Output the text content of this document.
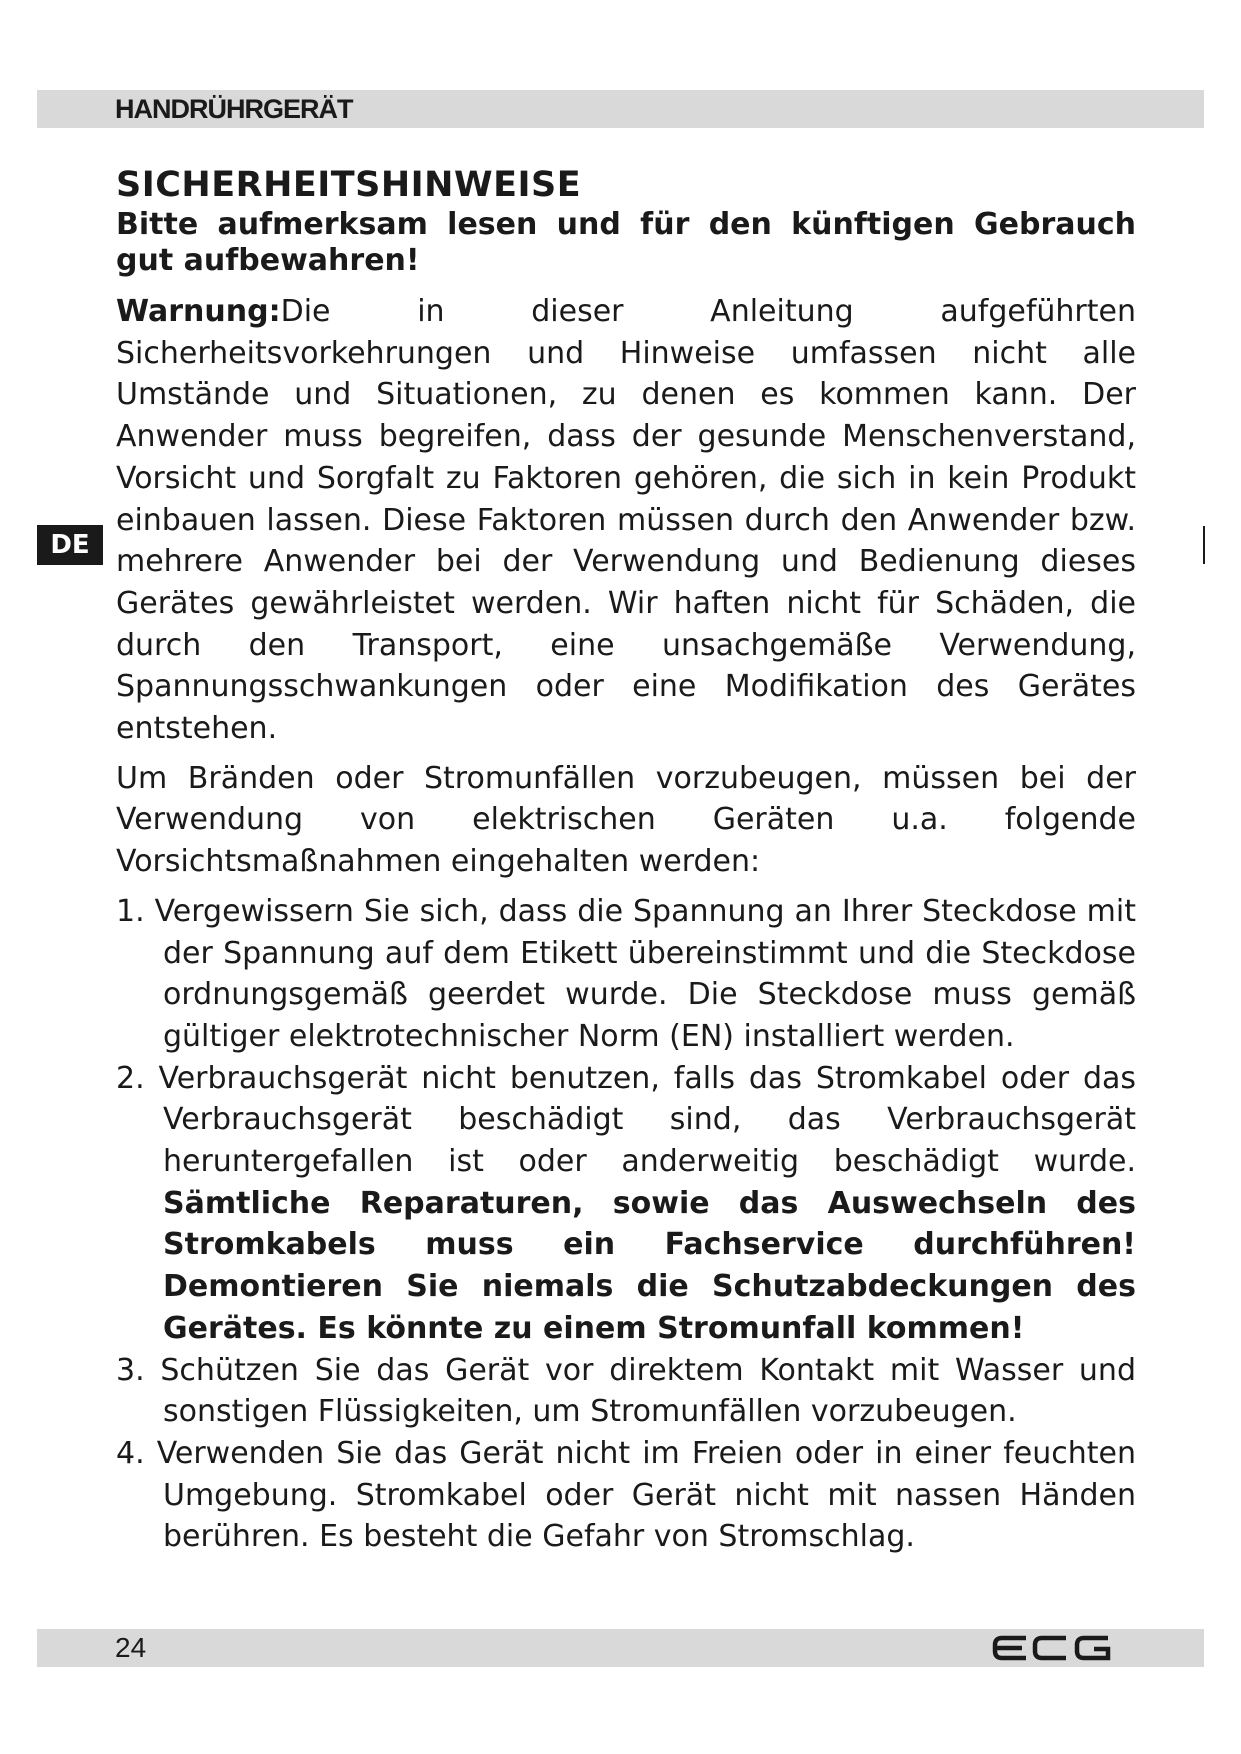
HANDRÜHRGERÄT
DE
SICHERHEITSHINWEISE

Bitte aufmerksam lesen und für den künftigen Gebrauch gut aufbewahren!

Warnung:Die in dieser Anleitung aufgeführten Sicherheitsvorkehrungen und Hinweise umfassen nicht alle Umstände und Situationen, zu denen es kommen kann. Der Anwender muss begreifen, dass der gesunde Menschenverstand, Vorsicht und Sorgfalt zu Faktoren gehören, die sich in kein Produkt einbauen lassen. Diese Faktoren müssen durch den Anwender bzw. mehrere Anwender bei der Verwendung und Bedienung dieses Gerätes gewährleistet werden. Wir haften nicht für Schäden, die durch den Transport, eine unsachgemäße Verwendung, Spannungsschwankungen oder eine Modifikation des Gerätes entstehen.

Um Bränden oder Stromunfällen vorzubeugen, müssen bei der Verwendung von elektrischen Geräten u.a. folgende Vorsichtsmaßnahmen eingehalten werden:

1. Vergewissern Sie sich, dass die Spannung an Ihrer Steckdose mit der Spannung auf dem Etikett übereinstimmt und die Steckdose ordnungsgemäß geerdet wurde. Die Steckdose muss gemäß gültiger elektrotechnischer Norm (EN) installiert werden.
2. Verbrauchsgerät nicht benutzen, falls das Stromkabel oder das Verbrauchsgerät beschädigt sind, das Verbrauchsgerät heruntergefallen ist oder anderweitig beschädigt wurde. Sämtliche Reparaturen, sowie das Auswechseln des Stromkabels muss ein Fachservice durchführen! Demontieren Sie niemals die Schutzabdeckungen des Gerätes. Es könnte zu einem Stromunfall kommen!
3. Schützen Sie das Gerät vor direktem Kontakt mit Wasser und sonstigen Flüssigkeiten, um Stromunfällen vorzubeugen.
4. Verwenden Sie das Gerät nicht im Freien oder in einer feuchten Umgebung. Stromkabel oder Gerät nicht mit nassen Händen berühren. Es besteht die Gefahr von Stromschlag.
24
